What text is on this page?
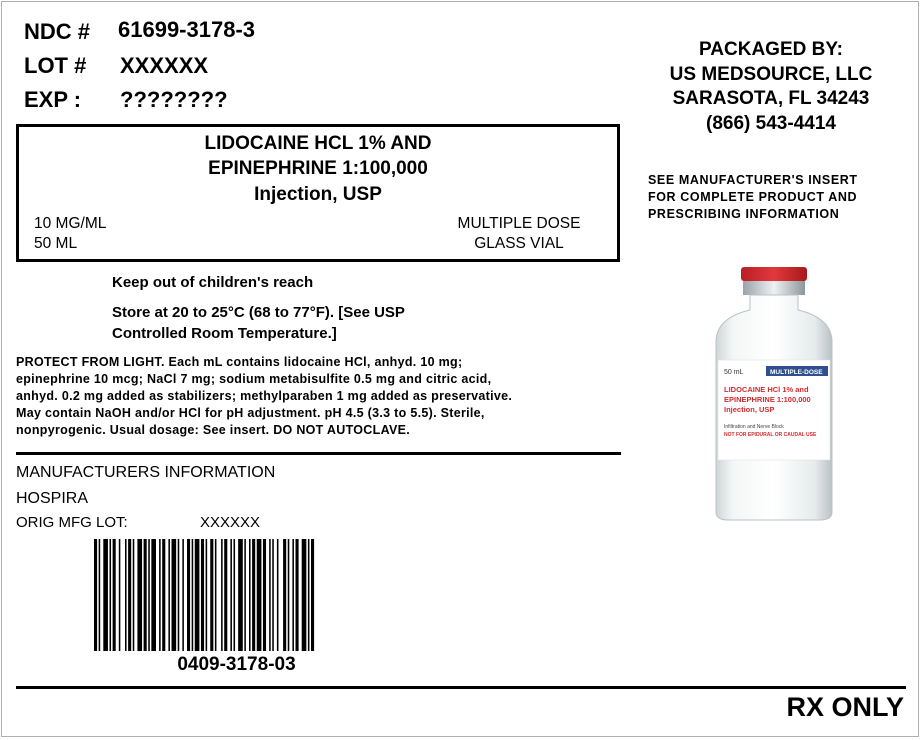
NDC # 61699-3178-3
LOT # XXXXXX
EXP : ????????
LIDOCAINE HCL 1% AND
EPINEPHRINE 1:100,000
Injection, USP
10 MG/ML
50 ML
MULTIPLE DOSE
GLASS VIAL
Keep out of children's reach
Store at 20 to 25°C (68 to 77°F). [See USP
Controlled Room Temperature.]
PROTECT FROM LIGHT. Each mL contains lidocaine HCl, anhyd. 10 mg;
epinephrine 10 mcg; NaCl 7 mg; sodium metabisulfite 0.5 mg and citric acid,
anhyd. 0.2 mg added as stabilizers; methylparaben 1 mg added as preservative.
May contain NaOH and/or HCl for pH adjustment. pH 4.5 (3.3 to 5.5). Sterile,
nonpyrogenic. Usual dosage: See insert. DO NOT AUTOCLAVE.
MANUFACTURERS INFORMATION
HOSPIRA
ORIG MFG LOT:	XXXXXX
0409-3178-03
RX ONLY
PACKAGED BY:
US MEDSOURCE, LLC
SARASOTA, FL 34243
(866) 543-4414
SEE MANUFACTURER'S INSERT
FOR COMPLETE PRODUCT AND
PRESCRIBING INFORMATION
50 mL	MULTIPLE-DOSE
LIDOCAINE HCl 1% and
EPINEPHRINE 1:100,000
Injection, USP
Infiltration and Nerve Block
NOT FOR EPIDURAL OR CAUDAL USE
